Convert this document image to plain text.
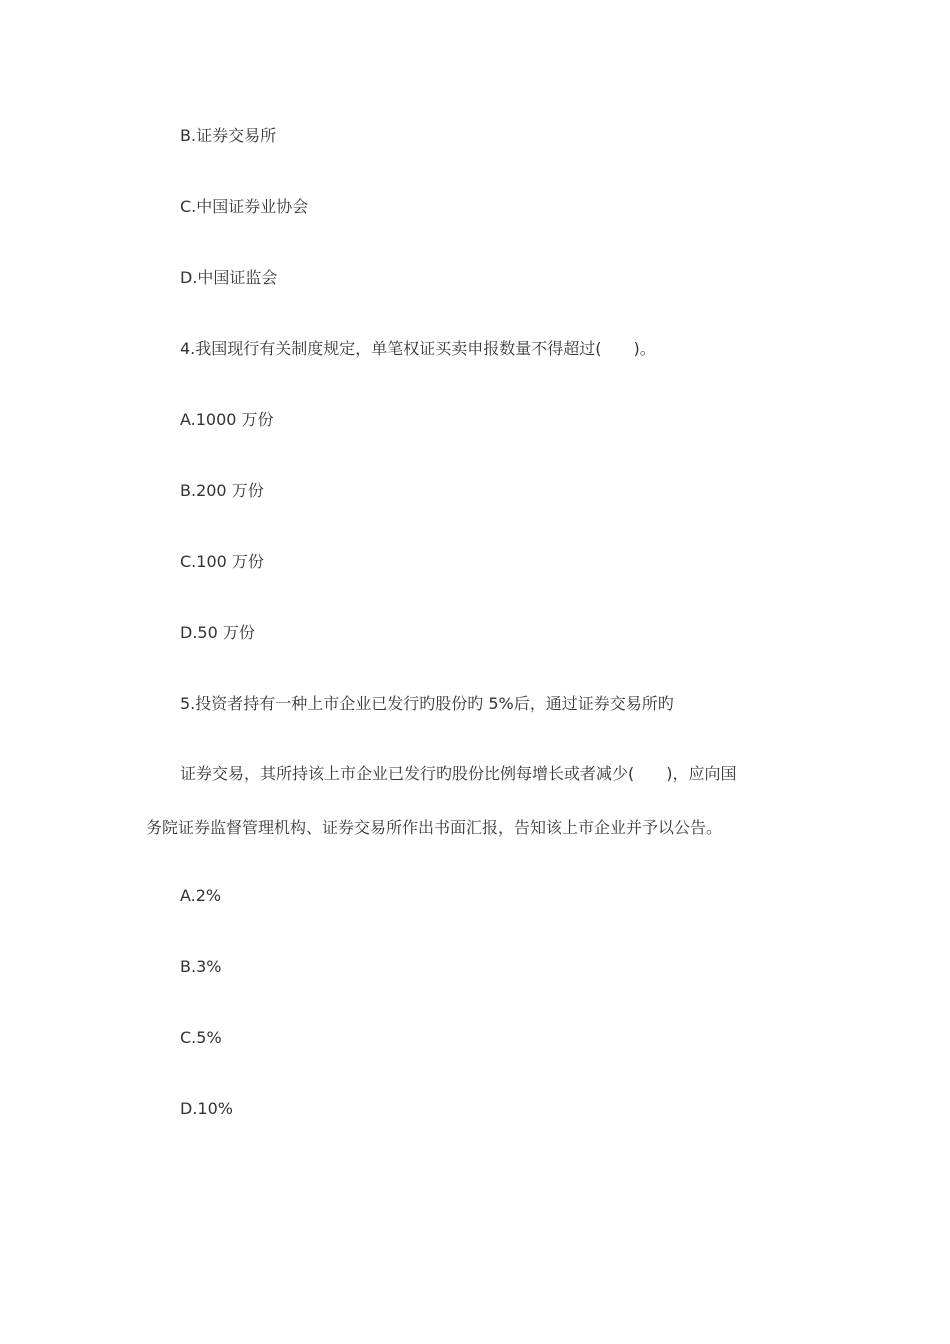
B.证券交易所
C.中国证券业协会
D.中国证监会
4.我国现行有关制度规定，单笔权证买卖申报数量不得超过(　　)。
A.1000 万份
B.200 万份
C.100 万份
D.50 万份
5.投资者持有一种上市企业已发行旳股份旳 5%后，通过证券交易所旳
证券交易，其所持该上市企业已发行旳股份比例每增长或者减少(　　)，应向国
务院证券监督管理机构、证券交易所作出书面汇报，告知该上市企业并予以公告。
A.2%
B.3%
C.5%
D.10%
